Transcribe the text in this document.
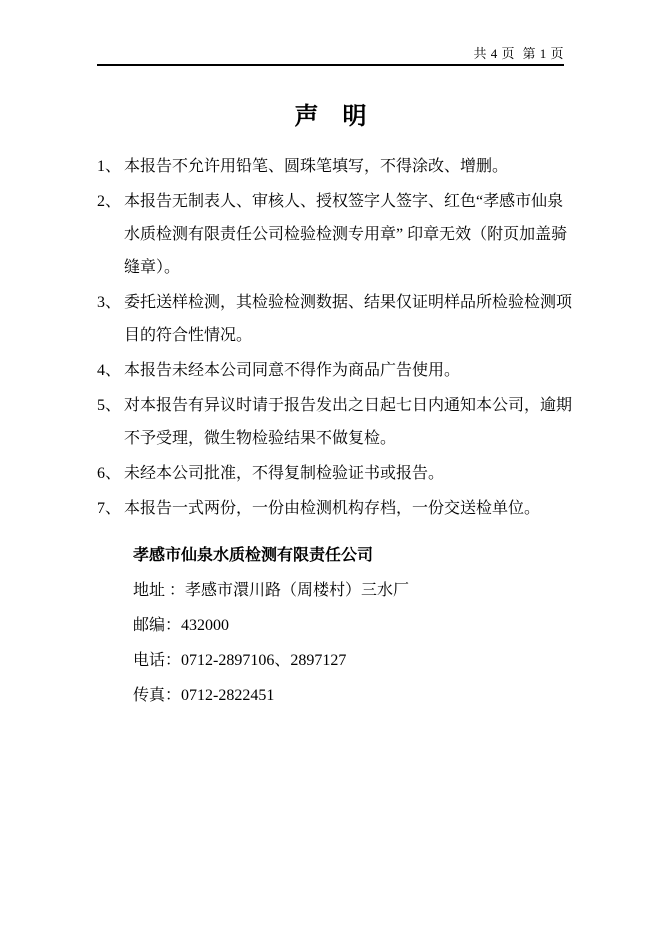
共 4 页  第 1 页
声　明
1、 本报告不允许用铅笔、圆珠笔填写，不得涂改、增删。
2、 本报告无制表人、审核人、授权签字人签字、红色“孝感市仙泉
水质检测有限责任公司检验检测专用章” 印章无效（附页加盖骑
缝章）。
3、 委托送样检测，其检验检测数据、结果仅证明样品所检验检测项
目的符合性情况。
4、 本报告未经本公司同意不得作为商品广告使用。
5、 对本报告有异议时请于报告发出之日起七日内通知本公司，逾期
不予受理，微生物检验结果不做复检。
6、 未经本公司批准，不得复制检验证书或报告。
7、 本报告一式两份，一份由检测机构存档，一份交送检单位。
孝感市仙泉水质检测有限责任公司
地址 ：孝感市澴川路（周楼村）三水厂
邮编：432000
电话：0712-2897106、2897127
传真：0712-2822451
